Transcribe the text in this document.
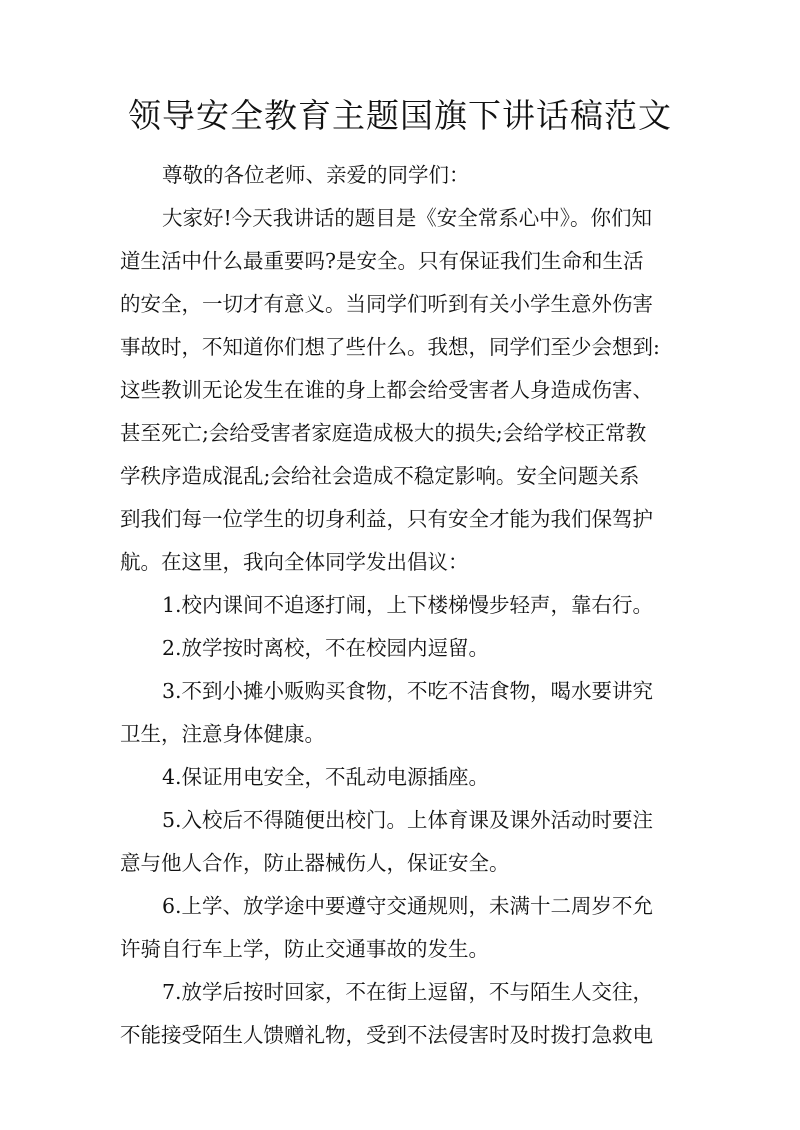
领导安全教育主题国旗下讲话稿范文

尊敬的各位老师、亲爱的同学们：

大家好!今天我讲话的题目是《安全常系心中》。你们知

道生活中什么最重要吗?是安全。只有保证我们生命和生活

的安全，一切才有意义。当同学们听到有关小学生意外伤害

事故时，不知道你们想了些什么。我想，同学们至少会想到:

这些教训无论发生在谁的身上都会给受害者人身造成伤害、

甚至死亡;会给受害者家庭造成极大的损失;会给学校正常教

学秩序造成混乱;会给社会造成不稳定影响。安全问题关系

到我们每一位学生的切身利益，只有安全才能为我们保驾护

航。在这里，我向全体同学发出倡议：

1.校内课间不追逐打闹，上下楼梯慢步轻声，靠右行。

2.放学按时离校，不在校园内逗留。

3.不到小摊小贩购买食物，不吃不洁食物，喝水要讲究

卫生，注意身体健康。

4.保证用电安全，不乱动电源插座。

5.入校后不得随便出校门。上体育课及课外活动时要注

意与他人合作，防止器械伤人，保证安全。

6.上学、放学途中要遵守交通规则，未满十二周岁不允

许骑自行车上学，防止交通事故的发生。

7.放学后按时回家，不在街上逗留，不与陌生人交往，

不能接受陌生人馈赠礼物，受到不法侵害时及时拨打急救电
